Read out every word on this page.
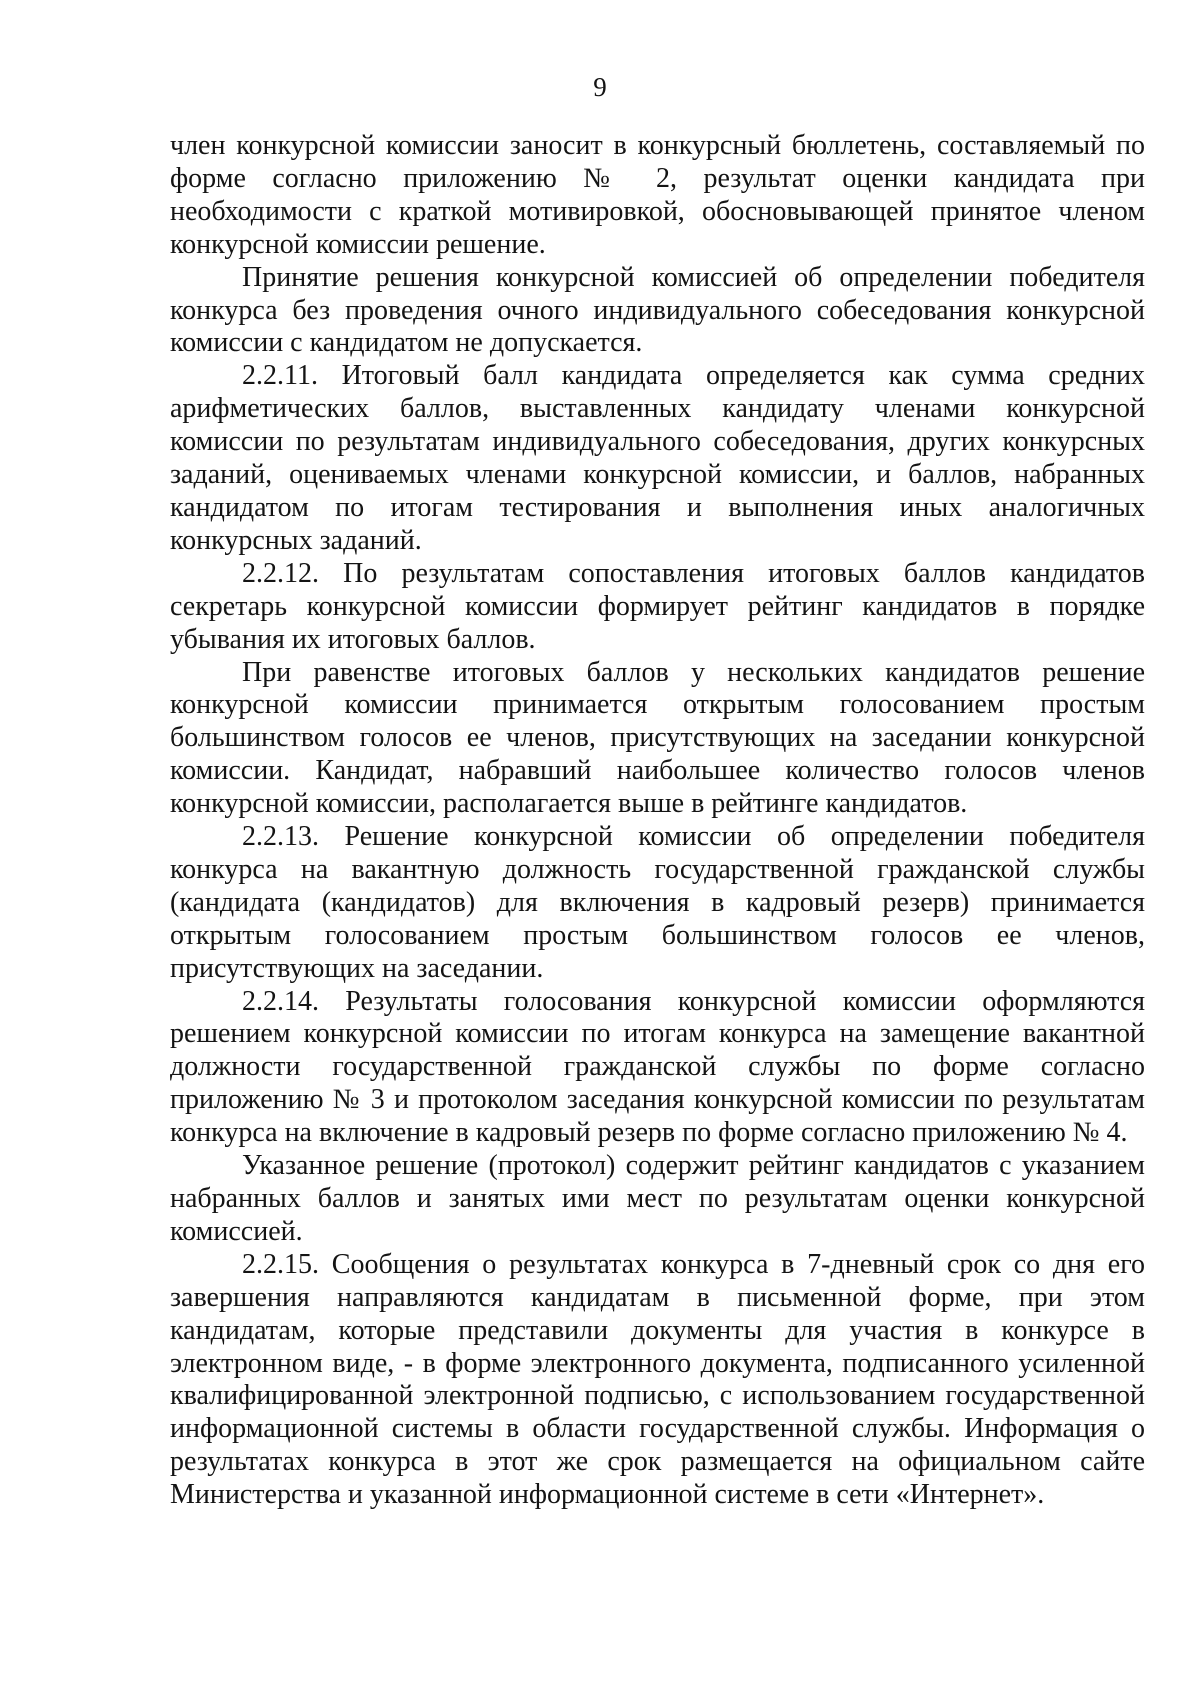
9

член конкурсной комиссии заносит в конкурсный бюллетень, составляемый по форме согласно приложению № 2, результат оценки кандидата при необходимости с краткой мотивировкой, обосновывающей принятое членом конкурсной комиссии решение.

Принятие решения конкурсной комиссией об определении победителя конкурса без проведения очного индивидуального собеседования конкурсной комиссии с кандидатом не допускается.

2.2.11. Итоговый балл кандидата определяется как сумма средних арифметических баллов, выставленных кандидату членами конкурсной комиссии по результатам индивидуального собеседования, других конкурсных заданий, оцениваемых членами конкурсной комиссии, и баллов, набранных кандидатом по итогам тестирования и выполнения иных аналогичных конкурсных заданий.

2.2.12. По результатам сопоставления итоговых баллов кандидатов секретарь конкурсной комиссии формирует рейтинг кандидатов в порядке убывания их итоговых баллов.

При равенстве итоговых баллов у нескольких кандидатов решение конкурсной комиссии принимается открытым голосованием простым большинством голосов ее членов, присутствующих на заседании конкурсной комиссии. Кандидат, набравший наибольшее количество голосов членов конкурсной комиссии, располагается выше в рейтинге кандидатов.

2.2.13. Решение конкурсной комиссии об определении победителя конкурса на вакантную должность государственной гражданской службы (кандидата (кандидатов) для включения в кадровый резерв) принимается открытым голосованием простым большинством голосов ее членов, присутствующих на заседании.

2.2.14. Результаты голосования конкурсной комиссии оформляются решением конкурсной комиссии по итогам конкурса на замещение вакантной должности государственной гражданской службы по форме согласно приложению № 3 и протоколом заседания конкурсной комиссии по результатам конкурса на включение в кадровый резерв по форме согласно приложению № 4.

Указанное решение (протокол) содержит рейтинг кандидатов с указанием набранных баллов и занятых ими мест по результатам оценки конкурсной комиссией.

2.2.15. Сообщения о результатах конкурса в 7-дневный срок со дня его завершения направляются кандидатам в письменной форме, при этом кандидатам, которые представили документы для участия в конкурсе в электронном виде, - в форме электронного документа, подписанного усиленной квалифицированной электронной подписью, с использованием государственной информационной системы в области государственной службы. Информация о результатах конкурса в этот же срок размещается на официальном сайте Министерства и указанной информационной системе в сети «Интернет».
